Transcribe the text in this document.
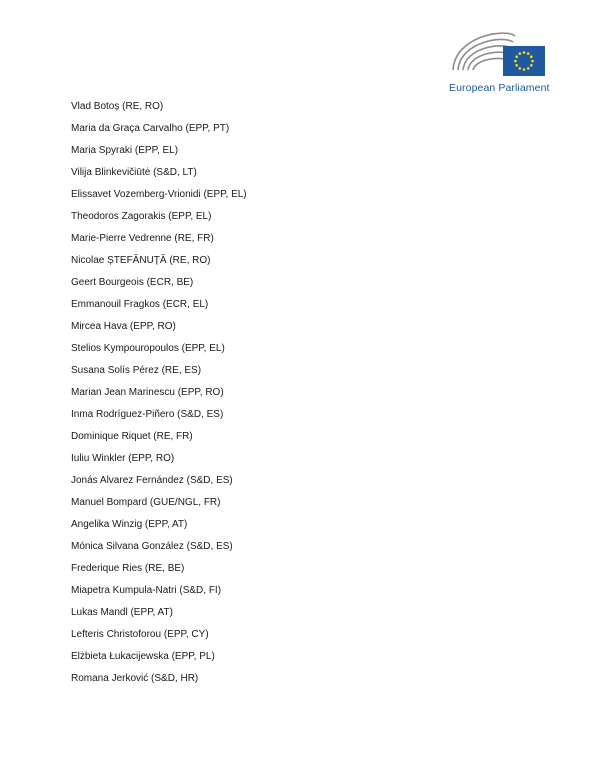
European Parliament
Vlad Botoș (RE, RO)
Maria da Graça Carvalho (EPP, PT)
Maria Spyraki (EPP, EL)
Vilija Blinkevičiūtė (S&D, LT)
Elissavet Vozemberg-Vrionidi (EPP, EL)
Theodoros Zagorakis (EPP, EL)
Marie-Pierre Vedrenne (RE, FR)
Nicolae ȘTEFĂNUȚĂ (RE, RO)
Geert Bourgeois (ECR, BE)
Emmanouil Fragkos (ECR, EL)
Mircea Hava (EPP, RO)
Stelios Kympouropoulos (EPP, EL)
Susana Solís Pérez (RE, ES)
Marian Jean Marinescu (EPP, RO)
Inma Rodríguez-Piñero (S&D, ES)
Dominique Riquet (RE, FR)
Iuliu Winkler (EPP, RO)
Jonás Alvarez Fernández (S&D, ES)
Manuel Bompard (GUE/NGL, FR)
Angelika Winzig (EPP, AT)
Mónica Silvana González (S&D, ES)
Frederique Ries (RE, BE)
Miapetra Kumpula-Natri (S&D, FI)
Lukas Mandl (EPP, AT)
Lefteris Christoforou (EPP, CY)
Elżbieta Łukacijewska (EPP, PL)
Romana Jerković (S&D, HR)
